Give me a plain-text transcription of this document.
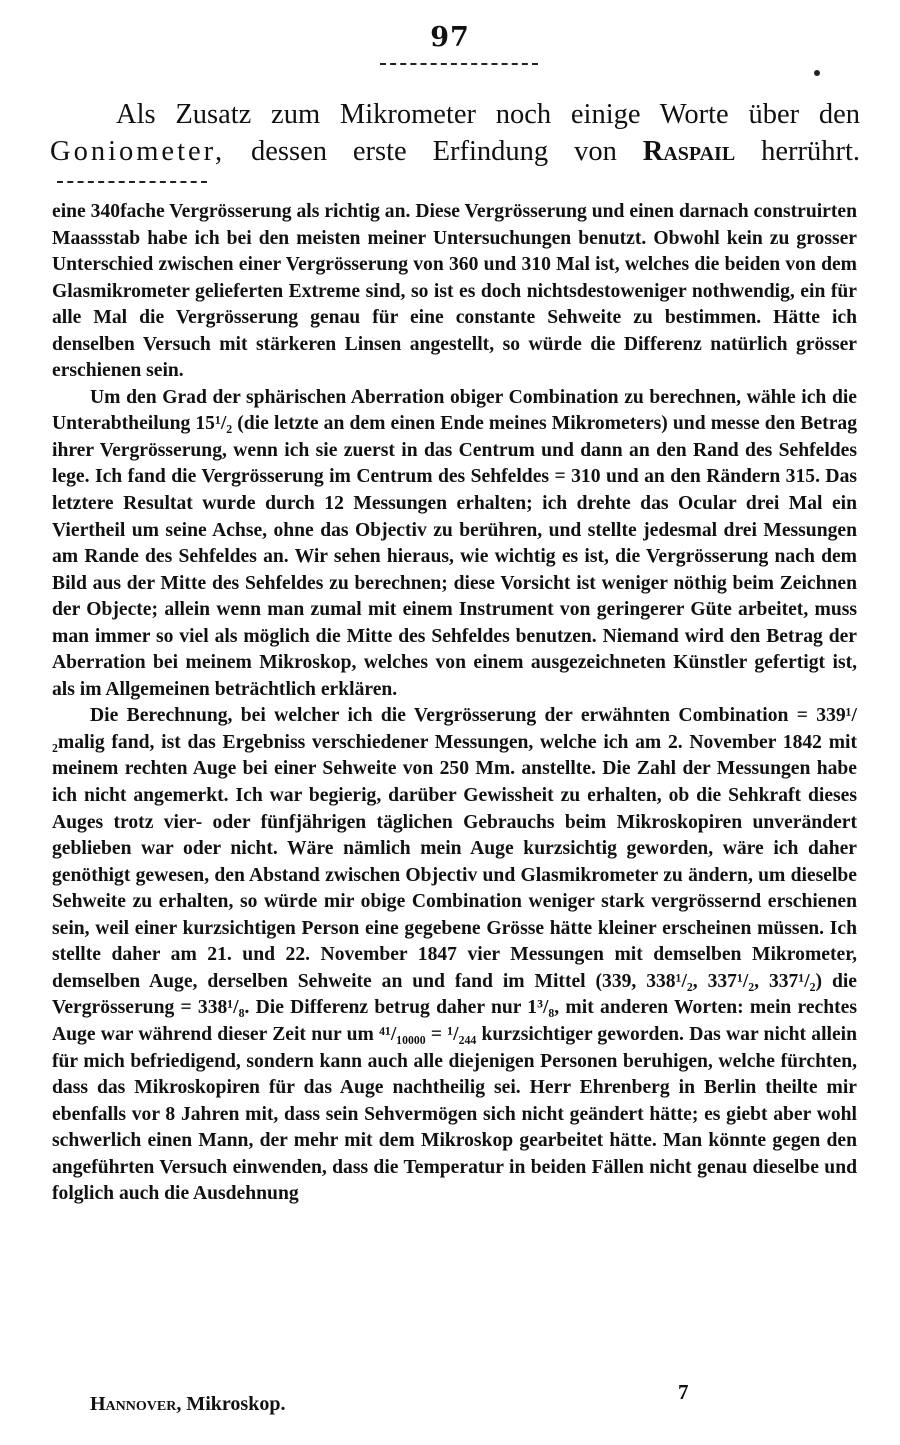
97
Als Zusatz zum Mikrometer noch einige Worte über den Goniometer, dessen erste Erfindung von Raspail herrührt.

eine 340fache Vergrösserung als richtig an. Diese Vergrösserung und einen darnach construirten Maassstab habe ich bei den meisten meiner Untersuchungen benutzt. Obwohl kein zu grosser Unterschied zwischen einer Vergrösserung von 360 und 310 Mal ist, welches die beiden von dem Glasmikrometer gelieferten Extreme sind, so ist es doch nichtsdestoweniger nothwendig, ein für alle Mal die Vergrösserung genau für eine constante Sehweite zu bestimmen. Hätte ich denselben Versuch mit stärkeren Linsen angestellt, so würde die Differenz natürlich grösser erschienen sein.

Um den Grad der sphärischen Aberration obiger Combination zu berechnen, wähle ich die Unterabtheilung 15¹/₂ (die letzte an dem einen Ende meines Mikrometers) und messe den Betrag ihrer Vergrösserung, wenn ich sie zuerst in das Centrum und dann an den Rand des Sehfeldes lege. Ich fand die Vergrösserung im Centrum des Sehfeldes = 310 und an den Rändern 315. Das letztere Resultat wurde durch 12 Messungen erhalten; ich drehte das Ocular drei Mal ein Viertheil um seine Achse, ohne das Objectiv zu berühren, und stellte jedesmal drei Messungen am Rande des Sehfeldes an. Wir sehen hieraus, wie wichtig es ist, die Vergrösserung nach dem Bild aus der Mitte des Sehfeldes zu berechnen; diese Vorsicht ist weniger nöthig beim Zeichnen der Objecte; allein wenn man zumal mit einem Instrument von geringerer Güte arbeitet, muss man immer so viel als möglich die Mitte des Sehfeldes benutzen. Niemand wird den Betrag der Aberration bei meinem Mikroskop, welches von einem ausgezeichneten Künstler gefertigt ist, als im Allgemeinen beträchtlich erklären.

Die Berechnung, bei welcher ich die Vergrösserung der erwähnten Combination = 339¹/₂malig fand, ist das Ergebniss verschiedener Messungen, welche ich am 2. November 1842 mit meinem rechten Auge bei einer Sehweite von 250 Mm. anstellte. Die Zahl der Messungen habe ich nicht angemerkt. Ich war begierig, darüber Gewissheit zu erhalten, ob die Sehkraft dieses Auges trotz vier- oder fünfjährigen täglichen Gebrauchs beim Mikroskopiren unverändert geblieben war oder nicht. Wäre nämlich mein Auge kurzsichtig geworden, wäre ich daher genöthigt gewesen, den Abstand zwischen Objectiv und Glasmikrometer zu ändern, um dieselbe Sehweite zu erhalten, so würde mir obige Combination weniger stark vergrössernd erschienen sein, weil einer kurzsichtigen Person eine gegebene Grösse hätte kleiner erscheinen müssen. Ich stellte daher am 21. und 22. November 1847 vier Messungen mit demselben Mikrometer, demselben Auge, derselben Sehweite an und fand im Mittel (339, 338¹/₂, 337¹/₂, 337¹/₂) die Vergrösserung = 338¹/₈. Die Differenz betrug daher nur 1³/₈, mit anderen Worten: mein rechtes Auge war während dieser Zeit nur um ⁴¹/₁₀₀₀₀ = ¹/₂₄₄ kurzsichtiger geworden. Das war nicht allein für mich befriedigend, sondern kann auch alle diejenigen Personen beruhigen, welche fürchten, dass das Mikroskopiren für das Auge nachtheilig sei. Herr Ehrenberg in Berlin theilte mir ebenfalls vor 8 Jahren mit, dass sein Sehvermögen sich nicht geändert hätte; es giebt aber wohl schwerlich einen Mann, der mehr mit dem Mikroskop gearbeitet hätte. Man könnte gegen den angeführten Versuch einwenden, dass die Temperatur in beiden Fällen nicht genau dieselbe und folglich auch die Ausdehnung

7
Hannover, Mikroskop.
